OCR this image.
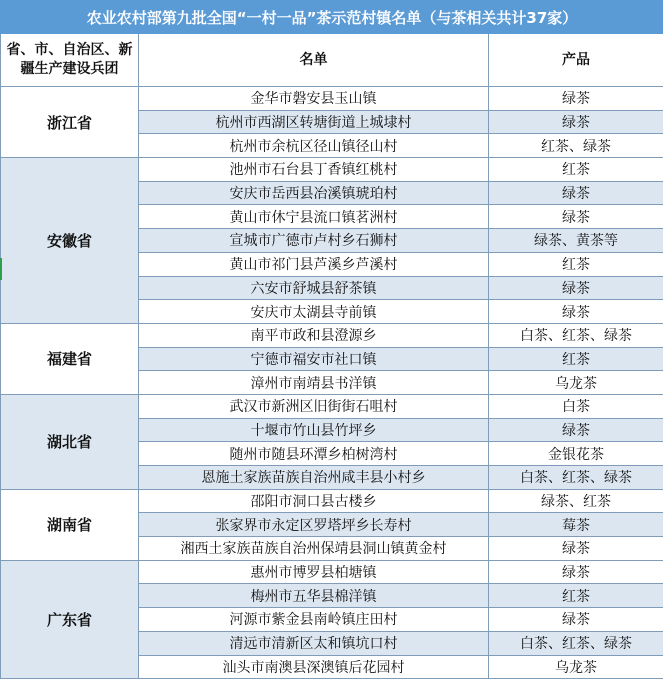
农业农村部第九批全国“一村一品”茶示范村镇名单（与茶相关共计37家）		
省、市、自治区、新疆生产建设兵团	名单	产品
浙江省	金华市磐安县玉山镇	绿茶
	杭州市西湖区转塘街道上城埭村	绿茶
	杭州市余杭区径山镇径山村	红茶、绿茶
安徽省	池州市石台县丁香镇红桃村	红茶
	安庆市岳西县冶溪镇琥珀村	绿茶
	黄山市休宁县流口镇茗洲村	绿茶
	宣城市广德市卢村乡石狮村	绿茶、黄茶等
	黄山市祁门县芦溪乡芦溪村	红茶
	六安市舒城县舒茶镇	绿茶
	安庆市太湖县寺前镇	绿茶
福建省	南平市政和县澄源乡	白茶、红茶、绿茶
	宁德市福安市社口镇	红茶
	漳州市南靖县书洋镇	乌龙茶
湖北省	武汉市新洲区旧街街石咀村	白茶
	十堰市竹山县竹坪乡	绿茶
	随州市随县环潭乡柏树湾村	金银花茶
	恩施土家族苗族自治州咸丰县小村乡	白茶、红茶、绿茶
湖南省	邵阳市洞口县古楼乡	绿茶、红茶
	张家界市永定区罗塔坪乡长寿村	莓茶
	湘西土家族苗族自治州保靖县洞山镇黄金村	绿茶
广东省	惠州市博罗县柏塘镇	绿茶
	梅州市五华县棉洋镇	红茶
	河源市紫金县南岭镇庄田村	绿茶
	清远市清新区太和镇坑口村	白茶、红茶、绿茶
	汕头市南澳县深澳镇后花园村	乌龙茶
